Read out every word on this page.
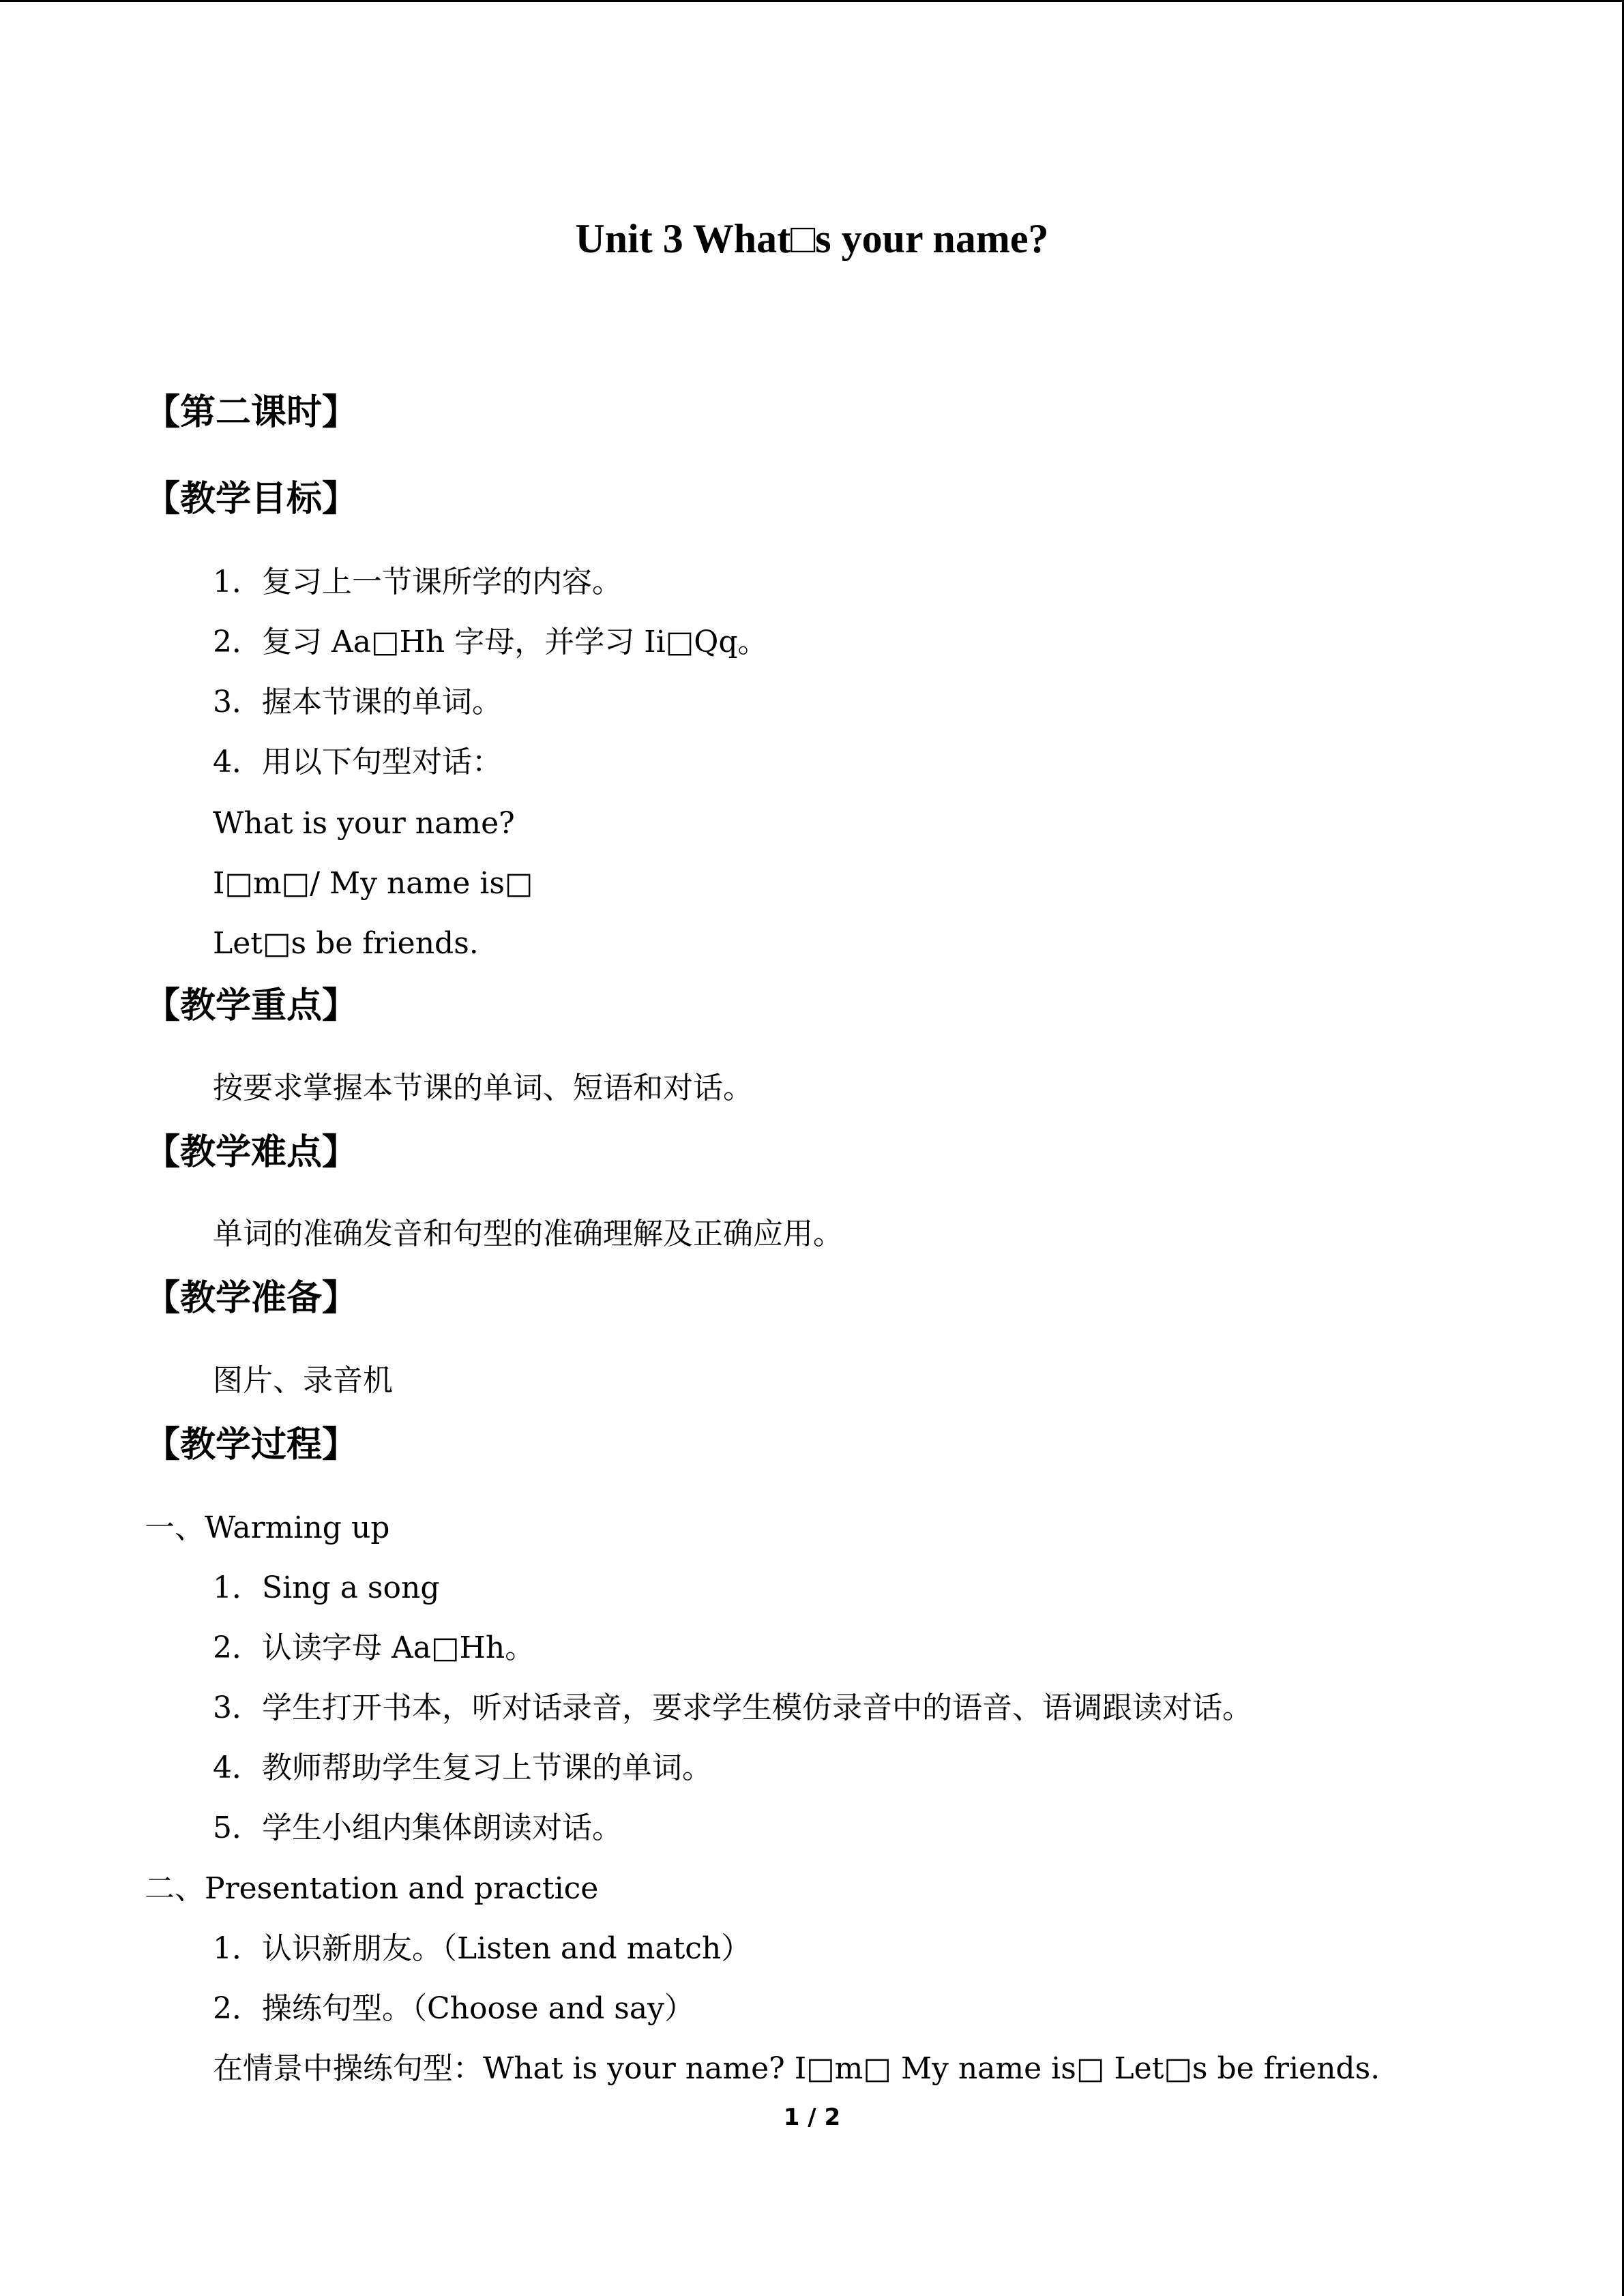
Unit 3 What□s your name?
【第二课时】
【教学目标】

1．复习上一节课所学的内容。

2．复习 Aa□Hh 字母，并学习 Ii□Qq。

3．握本节课的单词。

4．用以下句型对话：

What is your name?

I□m□/ My name is□

Let□s be friends.

【教学重点】

按要求掌握本节课的单词、短语和对话。

【教学难点】

单词的准确发音和句型的准确理解及正确应用。

【教学准备】

图片、录音机

【教学过程】

一、Warming up

1．Sing a song

2．认读字母 Aa□Hh。

3．学生打开书本，听对话录音，要求学生模仿录音中的语音、语调跟读对话。

4．教师帮助学生复习上节课的单词。

5．学生小组内集体朗读对话。

二、Presentation and practice

1．认识新朋友。（Listen and match）

2．操练句型。（Choose and say）

在情景中操练句型：What is your name? I□m□ My name is□ Let□s be friends.

1 / 2
